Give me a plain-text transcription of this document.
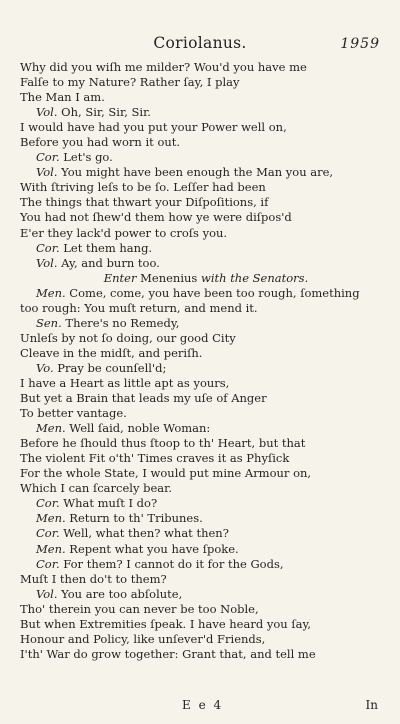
Coriolanus.	1959
Why did you wiſh me milder? Wou'd you have me
Falſe to my Nature? Rather ſay, I play
The Man I am.
Vol. Oh, Sir, Sir, Sir.
I would have had you put your Power well on,
Before you had worn it out.
Cor. Let's go.
Vol. You might have been enough the Man you are,
With ſtriving leſs to be ſo. Leſſer had been
The things that thwart your Diſpoſitions, if
You had not ſhew'd them how ye were diſpos'd
E'er they lack'd power to croſs you.
Cor. Let them hang.
Vol. Ay, and burn too.
Enter Menenius with the Senators.
Men. Come, come, you have been too rough, ſomething
too rough: You muſt return, and mend it.
Sen. There's no Remedy,
Unleſs by not ſo doing, our good City
Cleave in the midſt, and periſh.
Vo. Pray be counſell'd;
I have a Heart as little apt as yours,
But yet a Brain that leads my uſe of Anger
To better vantage.
Men. Well ſaid, noble Woman:
Before he ſhould thus ſtoop to th' Heart, but that
The violent Fit o'th' Times craves it as Phyſick
For the whole State, I would put mine Armour on,
Which I can ſcarcely bear.
Cor. What muſt I do?
Men. Return to th' Tribunes.
Cor. Well, what then? what then?
Men. Repent what you have ſpoke.
Cor. For them? I cannot do it for the Gods,
Muſt I then do't to them?
Vol. You are too abſolute,
Tho' therein you can never be too Noble,
But when Extremities ſpeak. I have heard you ſay,
Honour and Policy, like unſever'd Friends,
I'th' War do grow together: Grant that, and tell me
E e 4	In
